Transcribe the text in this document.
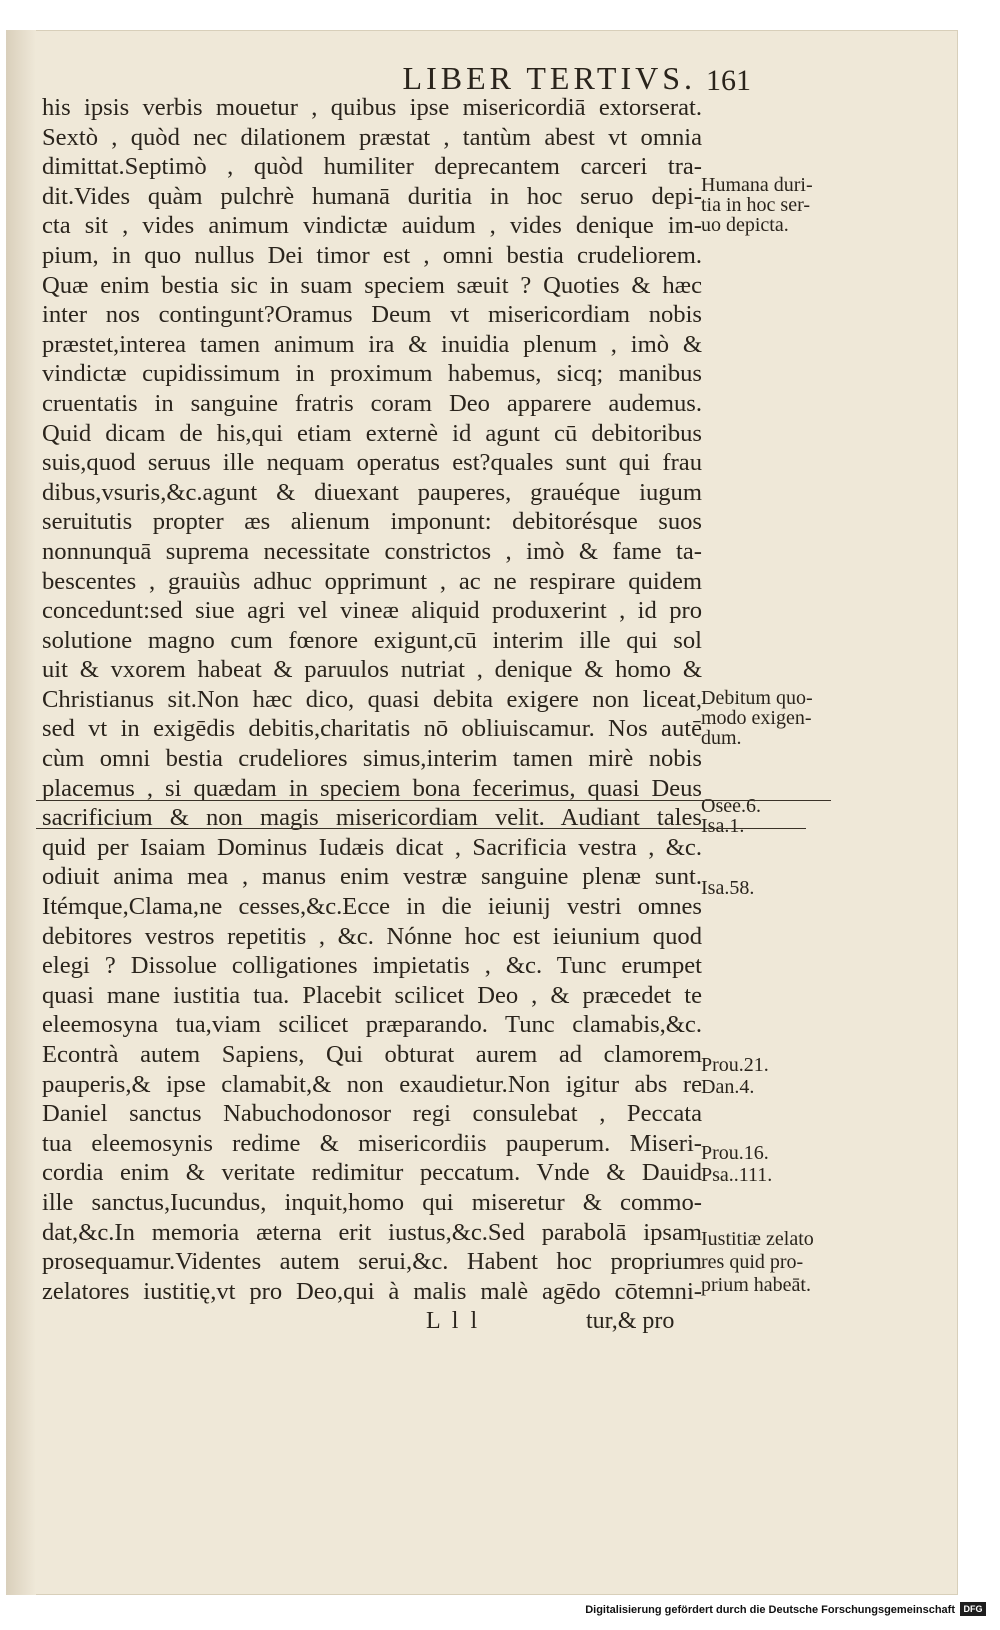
LIBER TERTIVS. 161
his ipsis verbis mouetur , quibus ipse misericordiā extorserat.
Sextò , quòd nec dilationem præstat , tantùm abest vt omnia
dimittat.Septimò , quòd humiliter deprecantem carceri tra-
dit.Vides quàm pulchrè humanā duritia in hoc seruo depi-
cta sit , vides animum vindictæ auidum , vides denique im-
pium, in quo nullus Dei timor est , omni bestia crudeliorem.
Quæ enim bestia sic in suam speciem sæuit ? Quoties & hæc
inter nos contingunt?Oramus Deum vt misericordiam nobis
præstet,interea tamen animum ira & inuidia plenum , imò &
vindictæ cupidissimum in proximum habemus, sicq; manibus
cruentatis in sanguine fratris coram Deo apparere audemus.
Quid dicam de his,qui etiam externè id agunt cū debitoribus
suis,quod seruus ille nequam operatus est?quales sunt qui frau
dibus,vsuris,&c.agunt & diuexant pauperes, grauéque iugum
seruitutis propter æs alienum imponunt: debitorésque suos
nonnunquā suprema necessitate constrictos , imò & fame ta-
bescentes , grauiùs adhuc opprimunt , ac ne respirare quidem
concedunt:sed siue agri vel vineæ aliquid produxerint , id pro
solutione magno cum fœnore exigunt,cū interim ille qui sol
uit & vxorem habeat & paruulos nutriat , denique & homo &
Christianus sit.Non hæc dico, quasi debita exigere non liceat,
sed vt in exigēdis debitis,charitatis nō obliuiscamur. Nos autē
cùm omni bestia crudeliores simus,interim tamen mirè nobis
placemus , si quædam in speciem bona fecerimus, quasi Deus
sacrificium & non magis misericordiam velit. Audiant tales
quid per Isaiam Dominus Iudæis dicat , Sacrificia vestra , &c.
odiuit anima mea , manus enim vestræ sanguine plenæ sunt.
Itémque,Clama,ne cesses,&c.Ecce in die ieiunij vestri omnes
debitores vestros repetitis , &c. Nónne hoc est ieiunium quod
elegi ? Dissolue colligationes impietatis , &c. Tunc erumpet
quasi mane iustitia tua. Placebit scilicet Deo , & præcedet te
eleemosyna tua,viam scilicet præparando. Tunc clamabis,&c.
Econtrà autem Sapiens, Qui obturat aurem ad clamorem
pauperis,& ipse clamabit,& non exaudietur.Non igitur abs re
Daniel sanctus Nabuchodonosor regi consulebat , Peccata
tua eleemosynis redime & misericordiis pauperum. Miseri-
cordia enim & veritate redimitur peccatum. Vnde & Dauid
ille sanctus,Iucundus, inquit,homo qui miseretur & commo-
dat,&c.In memoria æterna erit iustus,&c.Sed parabolā ipsam
prosequamur.Videntes autem serui,&c. Habent hoc proprium
zelatores iustitię,vt pro Deo,qui à malis malè agēdo cōtemni-
Humana duri-
tia in hoc ser-
uo depicta.
Debitum quo-
modo exigen-
dum.
Osee.6.
Isa.1.
Isa.58.
Prou.21.
Dan.4.
Prou.16.
Psa..111.
Iustitiæ zelato
res quid pro-
prium habeāt.
L l l	tur,& pro
Digitalisierung gefördert durch die Deutsche Forschungsgemeinschaft DFG
